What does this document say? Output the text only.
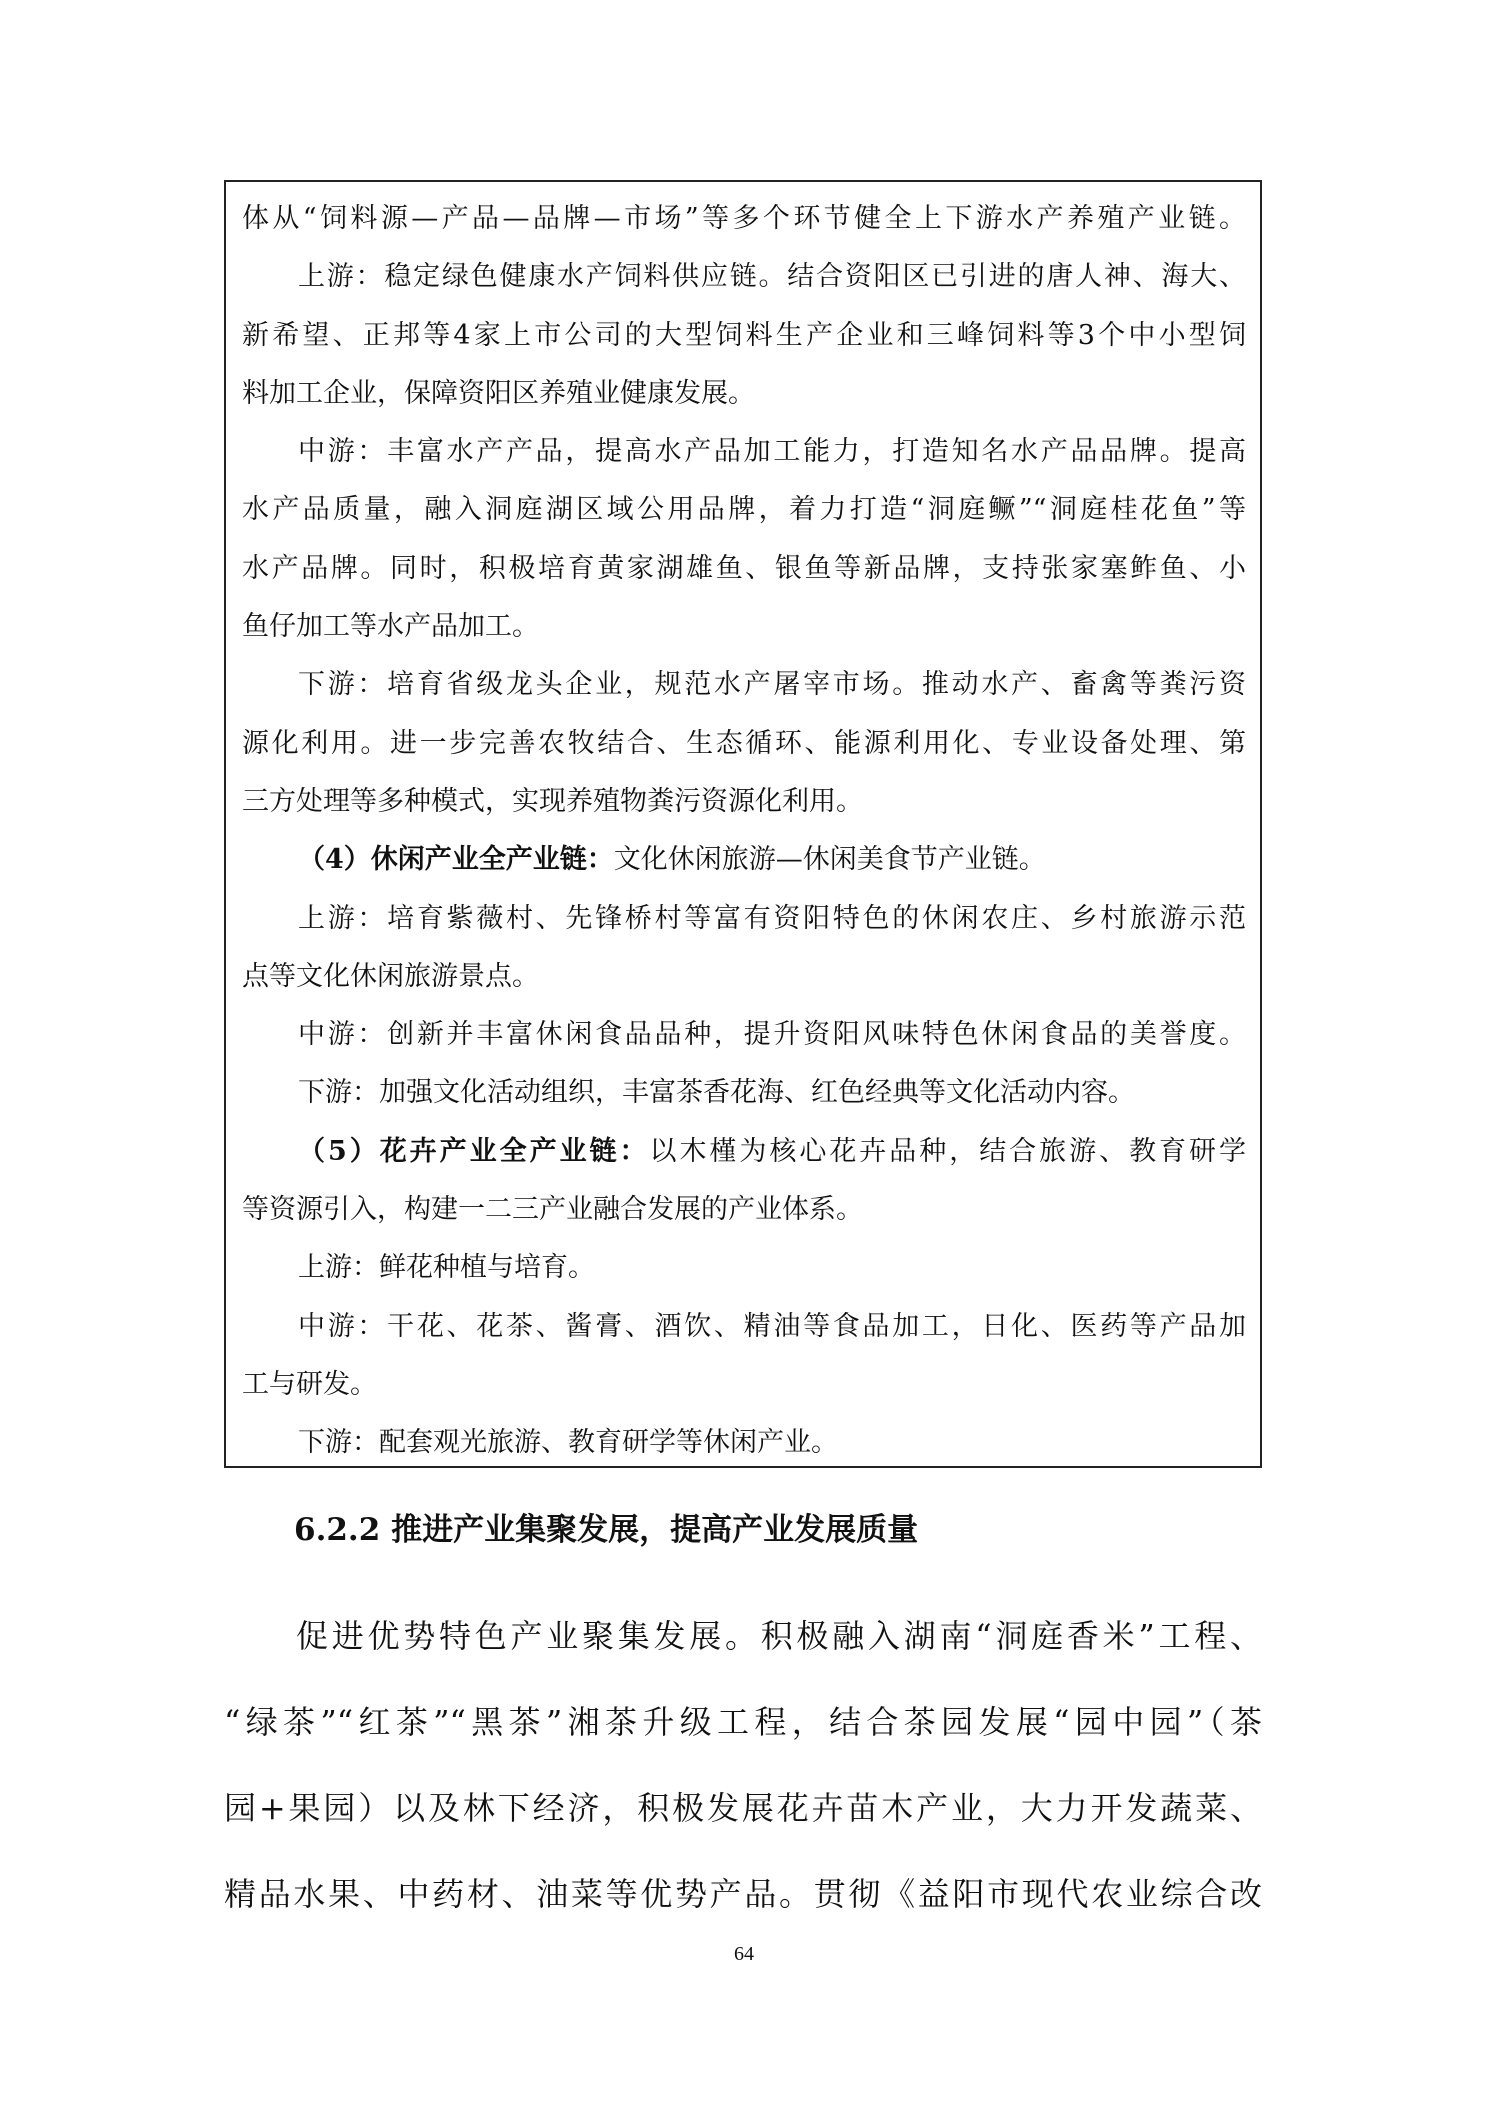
体从“饲料源—产品—品牌—市场”等多个环节健全上下游水产养殖产业链。
上游：稳定绿色健康水产饲料供应链。结合资阳区已引进的唐人神、海大、
新希望、正邦等4家上市公司的大型饲料生产企业和三峰饲料等3个中小型饲
料加工企业，保障资阳区养殖业健康发展。
中游：丰富水产产品，提高水产品加工能力，打造知名水产品品牌。提高
水产品质量，融入洞庭湖区域公用品牌，着力打造“洞庭鳜”“洞庭桂花鱼”等
水产品牌。同时，积极培育黄家湖雄鱼、银鱼等新品牌，支持张家塞鲊鱼、小
鱼仔加工等水产品加工。
下游：培育省级龙头企业，规范水产屠宰市场。推动水产、畜禽等粪污资
源化利用。进一步完善农牧结合、生态循环、能源利用化、专业设备处理、第
三方处理等多种模式，实现养殖物粪污资源化利用。
（4）休闲产业全产业链：文化休闲旅游—休闲美食节产业链。
上游：培育紫薇村、先锋桥村等富有资阳特色的休闲农庄、乡村旅游示范
点等文化休闲旅游景点。
中游：创新并丰富休闲食品品种，提升资阳风味特色休闲食品的美誉度。
下游：加强文化活动组织，丰富茶香花海、红色经典等文化活动内容。
（5）花卉产业全产业链：以木槿为核心花卉品种，结合旅游、教育研学
等资源引入，构建一二三产业融合发展的产业体系。
上游：鲜花种植与培育。
中游：干花、花茶、酱膏、酒饮、精油等食品加工，日化、医药等产品加
工与研发。
下游：配套观光旅游、教育研学等休闲产业。
6.2.2 推进产业集聚发展，提高产业发展质量
促进优势特色产业聚集发展。积极融入湖南“洞庭香米”工程、
“绿茶”“红茶”“黑茶”湘茶升级工程，结合茶园发展“园中园”（茶
园+果园）以及林下经济，积极发展花卉苗木产业，大力开发蔬菜、
精品水果、中药材、油菜等优势产品。贯彻《益阳市现代农业综合改
64
